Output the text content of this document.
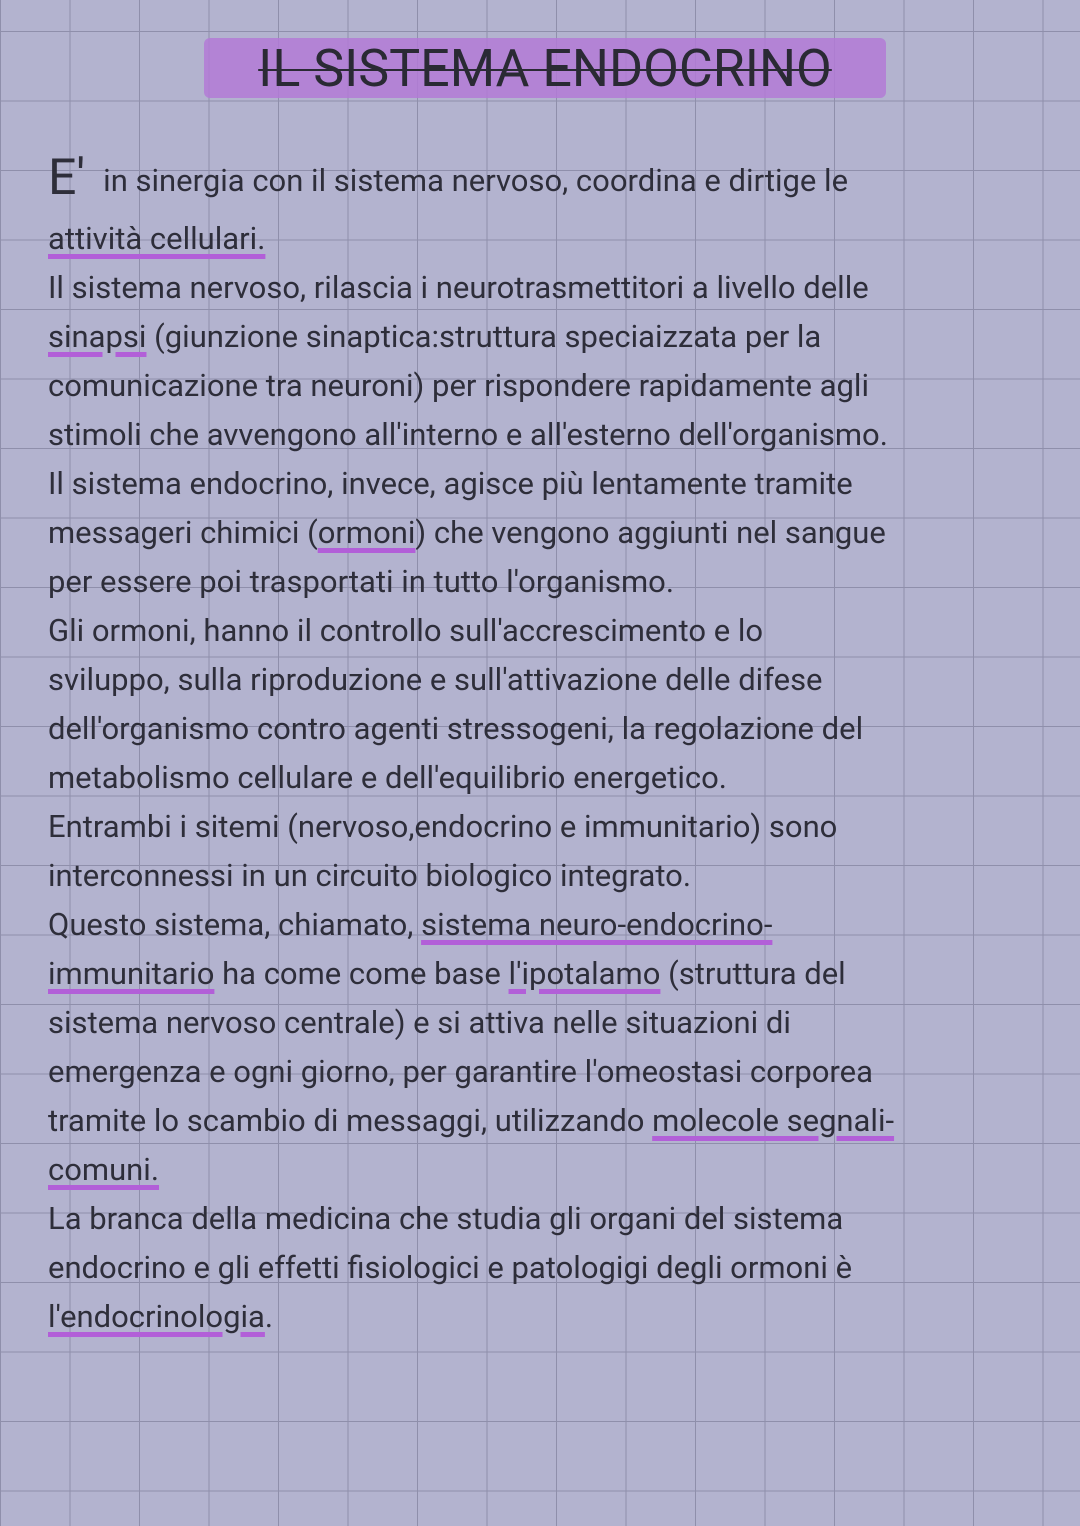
IL SISTEMA ENDOCRINO
E' in sinergia con il sistema nervoso, coordina e dirtige le
attività cellulari.
Il sistema nervoso, rilascia i neurotrasmettitori a livello delle
sinapsi (giunzione sinaptica:struttura speciaizzata per la
comunicazione tra neuroni) per rispondere rapidamente agli
stimoli che avvengono all'interno e all'esterno dell'organismo.
Il sistema endocrino, invece, agisce più lentamente tramite
messageri chimici (ormoni) che vengono aggiunti nel sangue
per essere poi trasportati in tutto l'organismo.
Gli ormoni, hanno il controllo sull'accrescimento e lo
sviluppo, sulla riproduzione e sull'attivazione delle difese
dell'organismo contro agenti stressogeni, la regolazione del
metabolismo cellulare e dell'equilibrio energetico.
Entrambi i sitemi (nervoso,endocrino e immunitario) sono
interconnessi in un circuito biologico integrato.
Questo sistema, chiamato, sistema neuro-endocrino-
immunitario ha come come base l'ipotalamo (struttura del
sistema nervoso centrale) e si attiva nelle situazioni di
emergenza e ogni giorno, per garantire l'omeostasi corporea
tramite lo scambio di messaggi, utilizzando molecole segnali-
comuni.
La branca della medicina che studia gli organi del sistema
endocrino e gli effetti fisiologici e patologigi degli ormoni è
l'endocrinologia.
